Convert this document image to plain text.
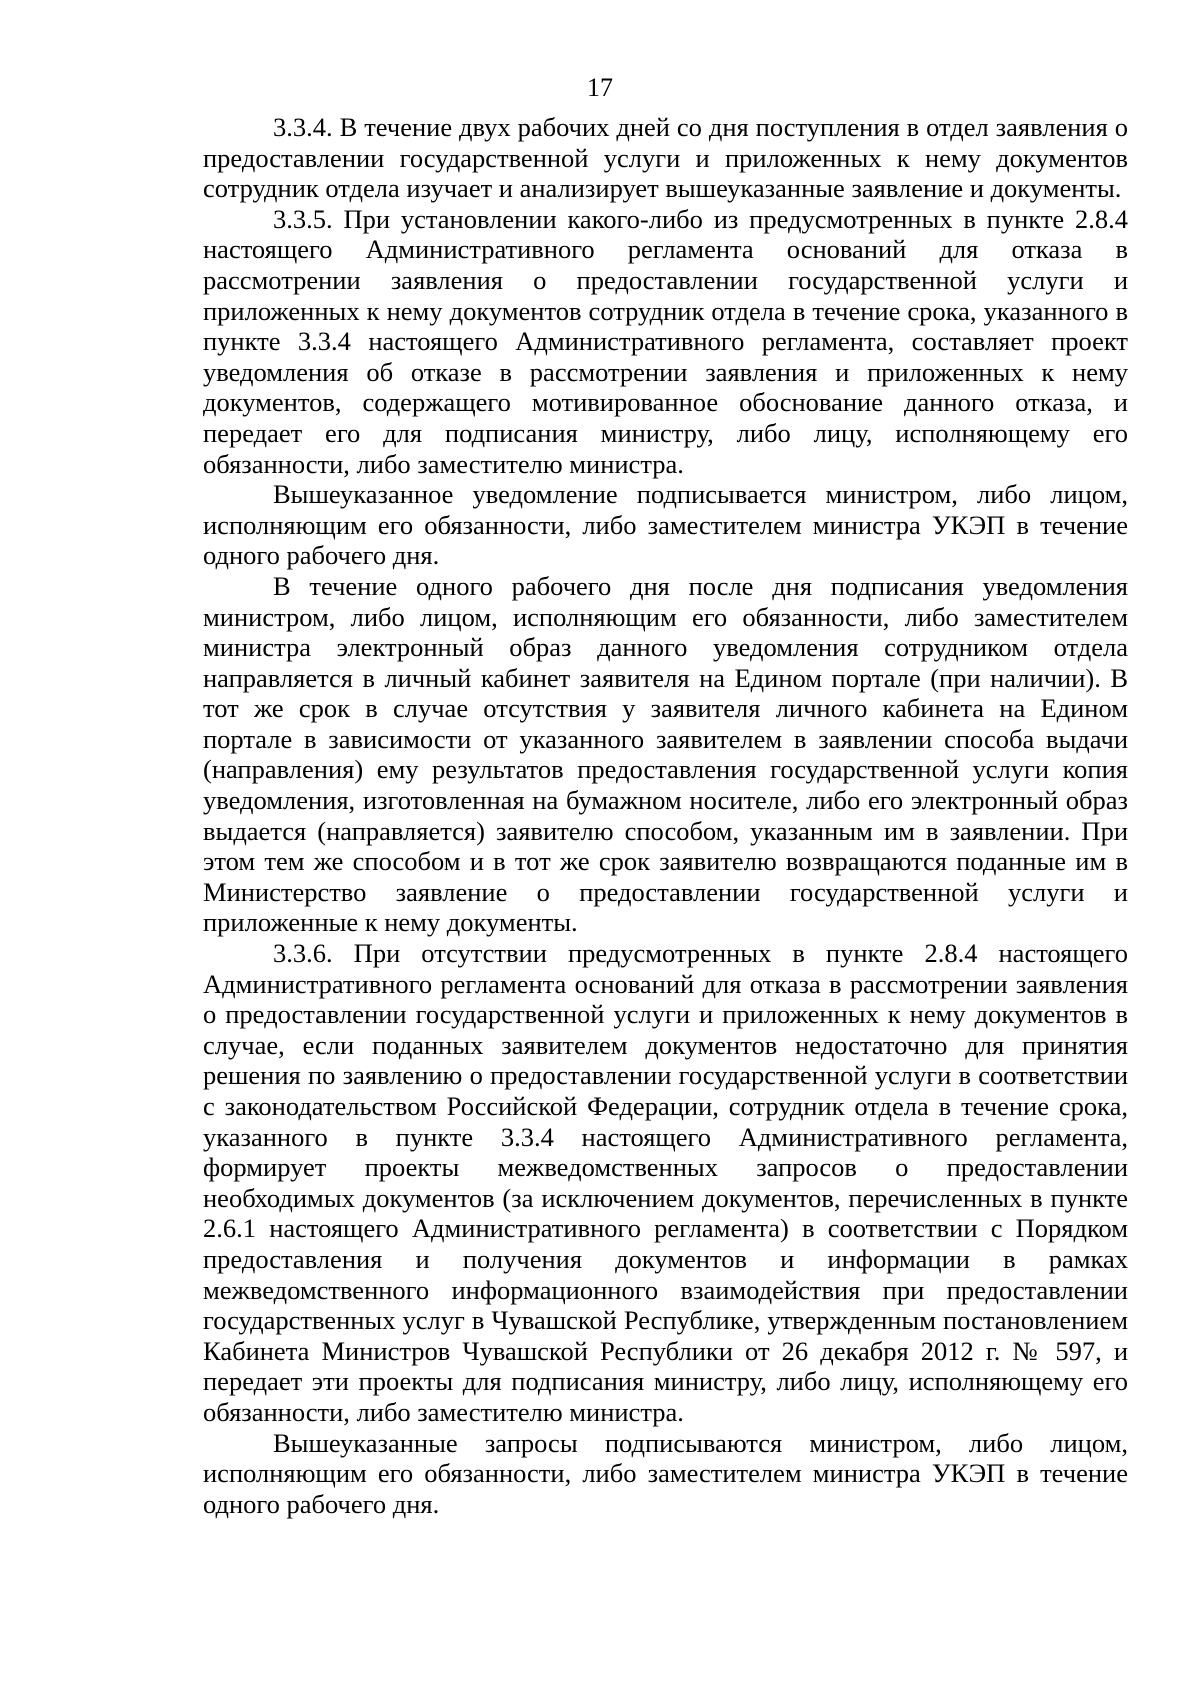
17

3.3.4. В течение двух рабочих дней со дня поступления в отдел заявления о предоставлении государственной услуги и приложенных к нему документов сотрудник отдела изучает и анализирует вышеуказанные заявление и документы.

3.3.5. При установлении какого-либо из предусмотренных в пункте 2.8.4 настоящего Административного регламента оснований для отказа в рассмотрении заявления о предоставлении государственной услуги и приложенных к нему документов сотрудник отдела в течение срока, указанного в пункте 3.3.4 настоящего Административного регламента, составляет проект уведомления об отказе в рассмотрении заявления и приложенных к нему документов, содержащего мотивированное обоснование данного отказа, и передает его для подписания министру, либо лицу, исполняющему его обязанности, либо заместителю министра.

Вышеуказанное уведомление подписывается министром, либо лицом, исполняющим его обязанности, либо заместителем министра УКЭП в течение одного рабочего дня.

В течение одного рабочего дня после дня подписания уведомления министром, либо лицом, исполняющим его обязанности, либо заместителем министра электронный образ данного уведомления сотрудником отдела направляется в личный кабинет заявителя на Едином портале (при наличии). В тот же срок в случае отсутствия у заявителя личного кабинета на Едином портале в зависимости от указанного заявителем в заявлении способа выдачи (направления) ему результатов предоставления государственной услуги копия уведомления, изготовленная на бумажном носителе, либо его электронный образ выдается (направляется) заявителю способом, указанным им в заявлении. При этом тем же способом и в тот же срок заявителю возвращаются поданные им в Министерство заявление о предоставлении государственной услуги и приложенные к нему документы.

3.3.6. При отсутствии предусмотренных в пункте 2.8.4 настоящего Административного регламента оснований для отказа в рассмотрении заявления о предоставлении государственной услуги и приложенных к нему документов в случае, если поданных заявителем документов недостаточно для принятия решения по заявлению о предоставлении государственной услуги в соответствии с законодательством Российской Федерации, сотрудник отдела в течение срока, указанного в пункте 3.3.4 настоящего Административного регламента, формирует проекты межведомственных запросов о предоставлении необходимых документов (за исключением документов, перечисленных в пункте 2.6.1 настоящего Административного регламента) в соответствии с Порядком предоставления и получения документов и информации в рамках межведомственного информационного взаимодействия при предоставлении государственных услуг в Чувашской Республике, утвержденным постановлением Кабинета Министров Чувашской Республики от 26 декабря 2012 г. № 597, и передает эти проекты для подписания министру, либо лицу, исполняющему его обязанности, либо заместителю министра.

Вышеуказанные запросы подписываются министром, либо лицом, исполняющим его обязанности, либо заместителем министра УКЭП в течение одного рабочего дня.
